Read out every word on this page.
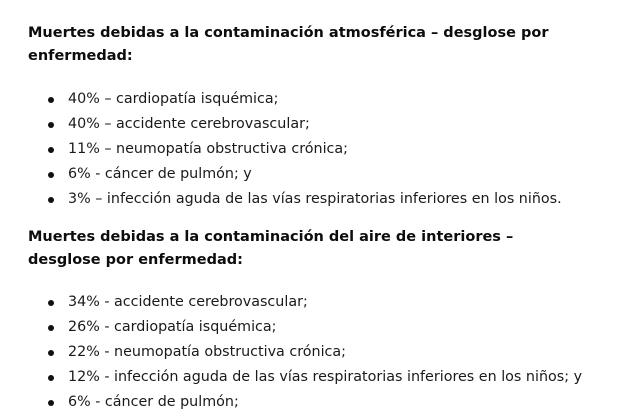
Muertes debidas a la contaminación atmosférica – desglose por enfermedad:

40% – cardiopatía isquémica;
40% – accidente cerebrovascular;
11% – neumopatía obstructiva crónica;
6% - cáncer de pulmón; y
3% – infección aguda de las vías respiratorias inferiores en los niños.

Muertes debidas a la contaminación del aire de interiores – desglose por enfermedad:

34% - accidente cerebrovascular;
26% - cardiopatía isquémica;
22% - neumopatía obstructiva crónica;
12% - infección aguda de las vías respiratorias inferiores en los niños; y
6% - cáncer de pulmón;
